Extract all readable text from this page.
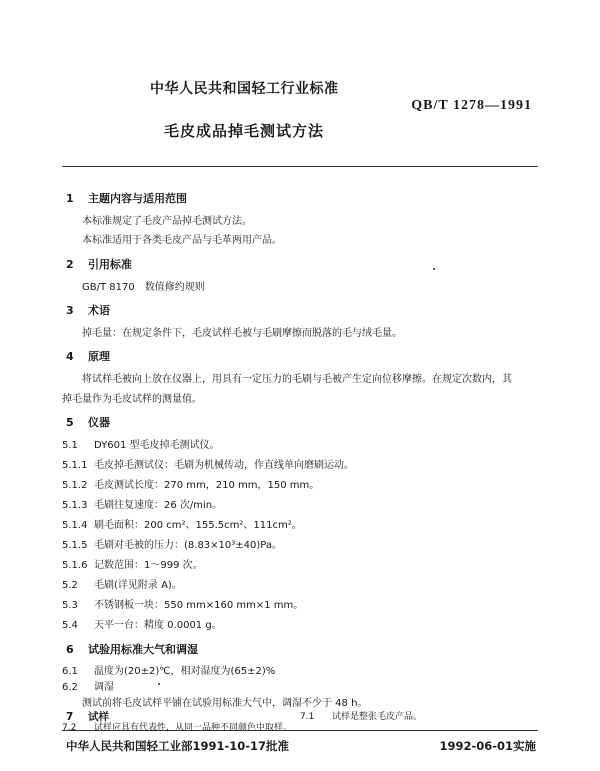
中华人民共和国轻工行业标准
QB/T 1278—1991
毛皮成品掉毛测试方法
1 主题内容与适用范围
本标准规定了毛皮产品掉毛测试方法。
本标准适用于各类毛皮产品与毛革两用产品。
2 引用标准
GB/T 8170　数值修约规则
3 术语
掉毛量：在规定条件下，毛皮试样毛被与毛刷摩擦而脱落的毛与绒毛量。
4 原理
将试样毛被向上放在仪器上，用具有一定压力的毛刷与毛被产生定向位移摩擦。在规定次数内，其
掉毛量作为毛皮试样的测量值。
5 仪器
5.1 DY601 型毛皮掉毛测试仪。
5.1.1 毛皮掉毛测试仪：毛刷为机械传动，作直线单向磨刷运动。
5.1.2 毛皮测试长度：270 mm，210 mm，150 mm。
5.1.3 毛刷往复速度：26 次/min。
5.1.4 刷毛面积：200 cm²、155.5cm²、111cm²。
5.1.5 毛刷对毛被的压力：(8.83×10³±40)Pa。
5.1.6 记数范围：1～999 次。
5.2 毛刷(详见附录 A)。
5.3 不锈钢板一块：550 mm×160 mm×1 mm。
5.4 天平一台：精度 0.0001 g。
6 试验用标准大气和调湿
6.1 温度为(20±2)℃，相对湿度为(65±2)%
6.2 调湿
测试前将毛皮试样平铺在试验用标准大气中，调湿不少于 48 h。
7 试样	7.1 试样是整张毛皮产品。
7.2 试样应具有代表性，从同一品种不同颜色中取样。
中华人民共和国轻工业部1991-10-17批准	1992-06-01实施
